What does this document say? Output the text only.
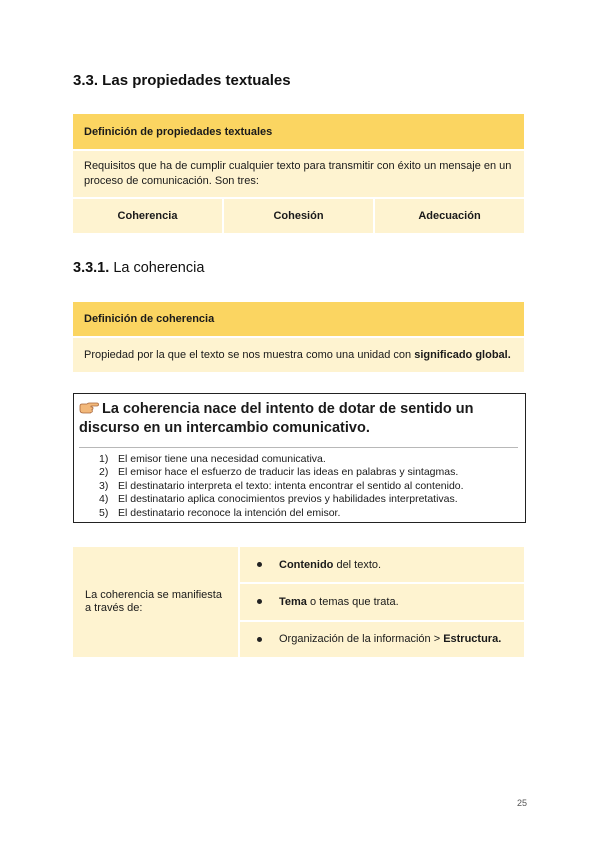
3.3. Las propiedades textuales
Definición de propiedades textuales
Requisitos que ha de cumplir cualquier texto para transmitir con éxito un mensaje en un proceso de comunicación. Son tres:
Coherencia	Cohesión	Adecuación
3.3.1. La coherencia
Definición de coherencia
Propiedad por la que el texto se nos muestra como una unidad con significado global.

La coherencia nace del intento de dotar de sentido un discurso en un intercambio comunicativo.

1) El emisor tiene una necesidad comunicativa.
2) El emisor hace el esfuerzo de traducir las ideas en palabras y sintagmas.
3) El destinatario interpreta el texto: intenta encontrar el sentido al contenido.
4) El destinatario aplica conocimientos previos y habilidades interpretativas.
5) El destinatario reconoce la intención del emisor.
La coherencia se manifiesta a través de:
Contenido del texto.
Tema o temas que trata.
Organización de la información > Estructura.
25
